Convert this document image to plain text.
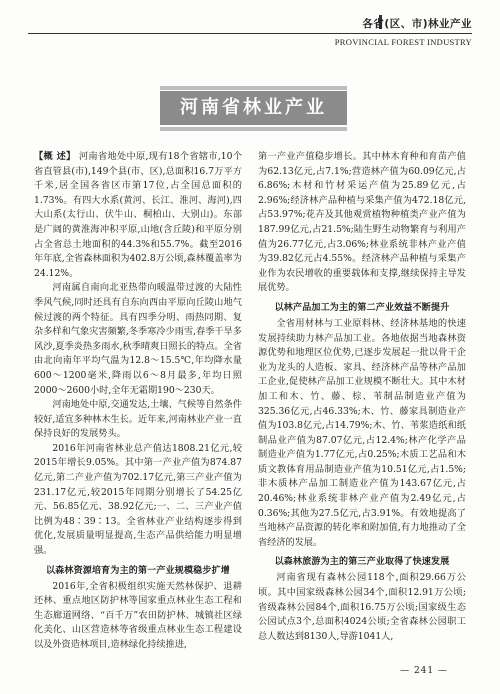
各省(区、市)林业产业
PROVINCIAL FOREST INDUSTRY
河南省林业产业

【概 述】 河南省地处中原,现有18个省辖市,10个省直管县(市),149个县(市、区),总面积16.7万平方千米,居全国各省区市第17位,占全国总面积的1.73%。有四大水系(黄河、长江、淮河、海河),四大山系(太行山、伏牛山、桐柏山、大别山)。东部是广阔的黄淮海冲积平原,山地(含丘陵)和平原分别占全省总土地面积的44.3%和55.7%。截至2016年年底,全省森林面积为402.8万公顷,森林覆盖率为24.12%。

河南属自南向北亚热带向暖温带过渡的大陆性季风气候,同时还具有自东向西由平原向丘陵山地气候过渡的两个特征。具有四季分明、雨热同期、复杂多样和气象灾害频繁,冬季寒冷少雨雪,春季干旱多风沙,夏季炎热多雨水,秋季晴爽日照长的特点。全省由北向南年平均气温为12.8～15.5℃,年均降水量600～1200毫米,降雨以6～8月最多,年均日照2000～2600小时,全年无霜期190～230天。

河南地处中原,交通发达,土壤、气候等自然条件较好,适宜多种林木生长。近年来,河南林业产业一直保持良好的发展势头。

2016年河南省林业总产值达1808.21亿元,较2015年增长9.05%。其中第一产业产值为874.87亿元,第二产业产值为702.17亿元,第三产业产值为231.17亿元,较2015年同期分别增长了54.25亿元、56.85亿元、38.92亿元;一、二、三产业产值比例为48∶39∶13。全省林业产业结构逐步得到优化,发展质量明显提高,生态产品供给能力明显增强。

以森林资源培育为主的第一产业规模稳步扩增

2016年,全省积极组织实施天然林保护、退耕还林、重点地区防护林等国家重点林业生态工程和生态廊道网络、“百千万”农田防护林、城镇社区绿化美化、山区营造林等省级重点林业生态工程建设以及外资造林项目,造林绿化持续推进,

第一产业产值稳步增长。其中林木育种和育苗产值为62.13亿元,占7.1%;营造林产值为60.09亿元,占6.86%;木材和竹材采运产值为25.89亿元,占2.96%;经济林产品种植与采集产值为472.18亿元,占53.97%;花卉及其他观赏植物种植类产业产值为187.99亿元,占21.5%;陆生野生动物繁育与利用产值为26.77亿元,占3.06%;林业系统非林产业产值为39.82亿元占4.55%。经济林产品种植与采集产业作为农民增收的重要载体和支撑,继续保持主导发展优势。

以林产品加工为主的第二产业效益不断提升

全省用材林与工业原料林、经济林基地的快速发展持续助力林产品加工业。各地依据当地森林资源优势和地理区位优势,已逐步发展起一批以骨干企业为龙头的人造板、家具、经济林产品等林产品加工企业,促使林产品加工业规模不断壮大。其中木材加工和木、竹、藤、棕、苇制品制造业产值为325.36亿元,占46.33%;木、竹、藤家具制造业产值为103.8亿元,占14.79%;木、竹、苇浆造纸和纸制品业产值为87.07亿元,占12.4%;林产化学产品制造业产值为1.77亿元,占0.25%;木质工艺品和木质文教体育用品制造业产值为10.51亿元,占1.5%;非木质林产品加工制造业产值为143.67亿元,占20.46%;林业系统非林产业产值为2.49亿元,占0.36%;其他为27.5亿元,占3.91%。有效地提高了当地林产品资源的转化率和附加值,有力地推动了全省经济的发展。

以森林旅游为主的第三产业取得了快速发展

河南省现有森林公园118个,面积29.66万公顷。其中国家级森林公园34个,面积12.91万公顷;省级森林公园84个,面积16.75万公顷;国家级生态公园试点3个,总面积4024公顷;全省森林公园职工总人数达到8130人,导游1041人,

— 241 —
